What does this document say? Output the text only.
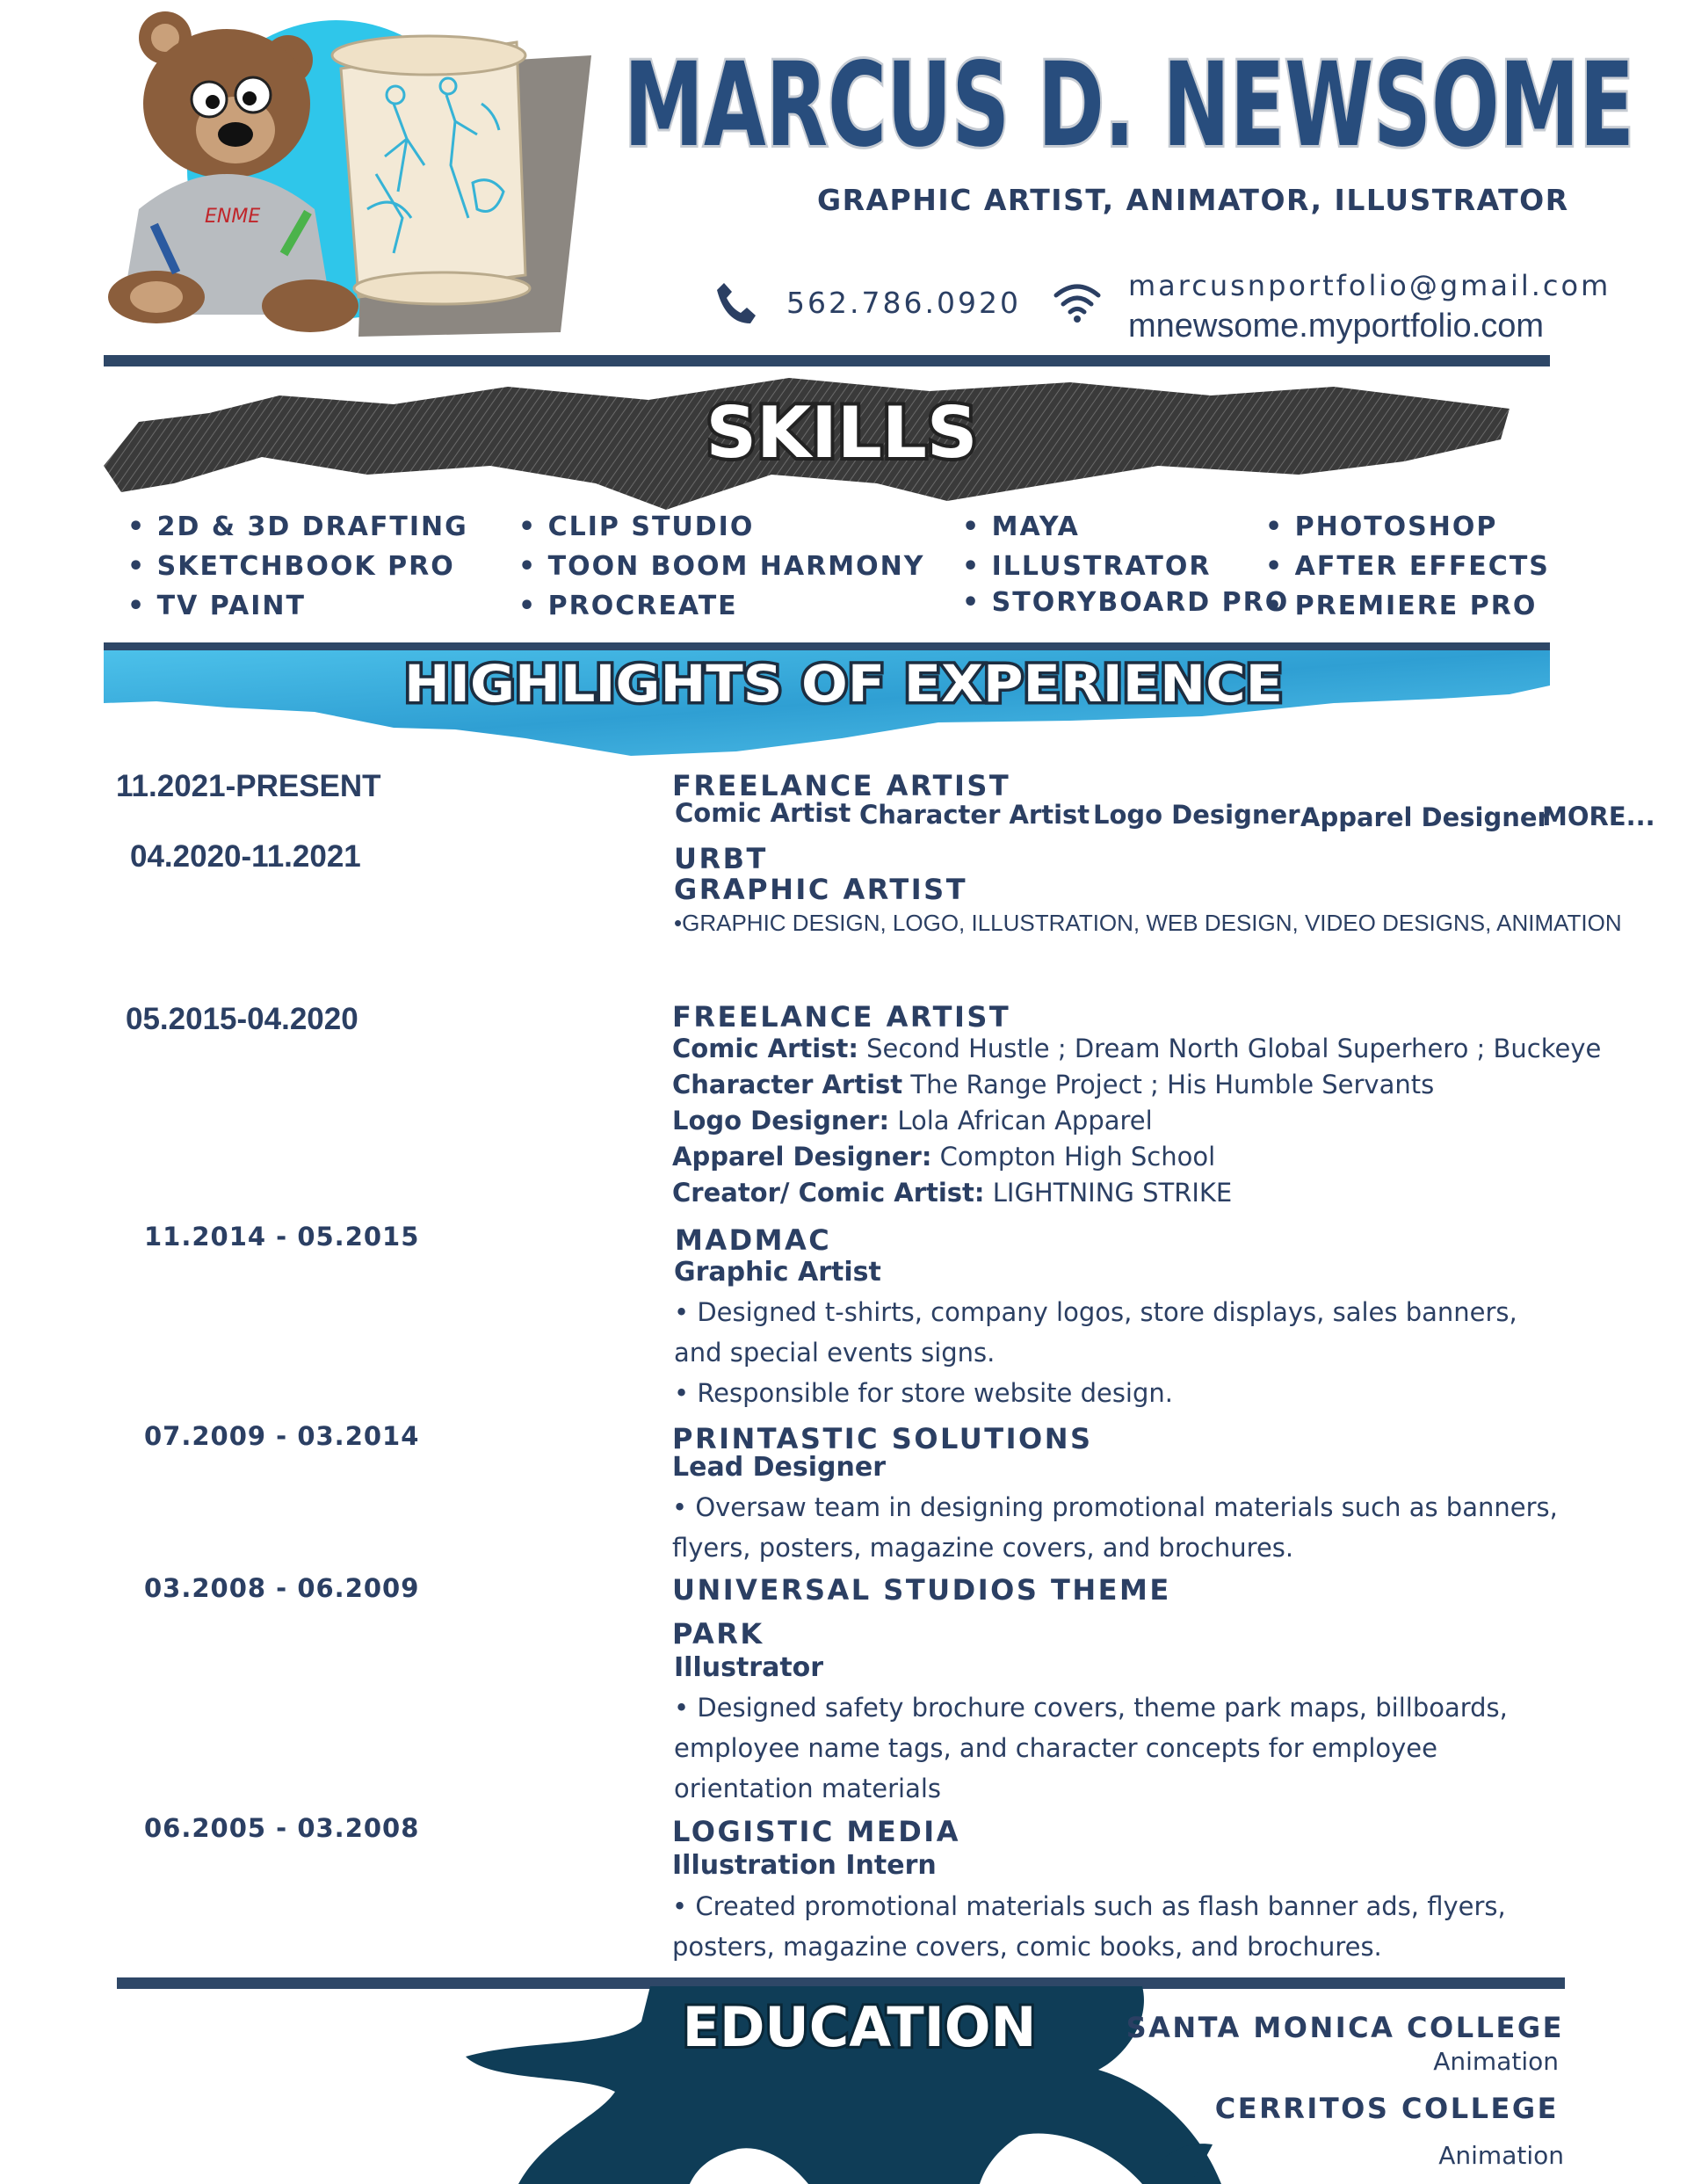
ENME
MARCUS D. NEWSOME
GRAPHIC ARTIST, ANIMATOR, ILLUSTRATOR
562.786.0920	marcusnportfolio@gmail.com
mnewsome.myportfolio.com
SKILLS
• 2D & 3D DRAFTING
• SKETCHBOOK PRO
• TV PAINT
• CLIP STUDIO
• TOON BOOM HARMONY
• PROCREATE
• MAYA
• ILLUSTRATOR
• STORYBOARD PRO
• PHOTOSHOP
• AFTER EFFECTS
• PREMIERE PRO
HIGHLIGHTS OF EXPERIENCE
11.2021-PRESENT	FREELANCE ARTIST
Comic Artist Character Artist Logo Designer Apparel Designer
MORE...
04.2020-11.2021	URBT
GRAPHIC ARTIST
•GRAPHIC DESIGN, LOGO, ILLUSTRATION, WEB DESIGN, VIDEO DESIGNS, ANIMATION
05.2015-04.2020	FREELANCE ARTIST
Comic Artist: Second Hustle ; Dream North Global Superhero ; Buckeye
Character Artist The Range Project ; His Humble Servants
Logo Designer: Lola African Apparel
Apparel Designer: Compton High School
Creator/ Comic Artist: LIGHTNING STRIKE
11.2014 - 05.2015	MADMAC
Graphic Artist
• Designed t-shirts, company logos, store displays, sales banners, and special events signs.
• Responsible for store website design.
07.2009 - 03.2014	PRINTASTIC SOLUTIONS
Lead Designer
• Oversaw team in designing promotional materials such as banners, flyers, posters, magazine covers, and brochures.
03.2008 - 06.2009	UNIVERSAL STUDIOS THEME
PARK
Illustrator
• Designed safety brochure covers, theme park maps, billboards, employee name tags, and character concepts for employee orientation materials
06.2005 - 03.2008	LOGISTIC MEDIA
Illustration Intern
• Created promotional materials such as flash banner ads, flyers, posters, magazine covers, comic books, and brochures.
EDUCATION	SANTA MONICA COLLEGE
Animation
CERRITOS COLLEGE
Animation
